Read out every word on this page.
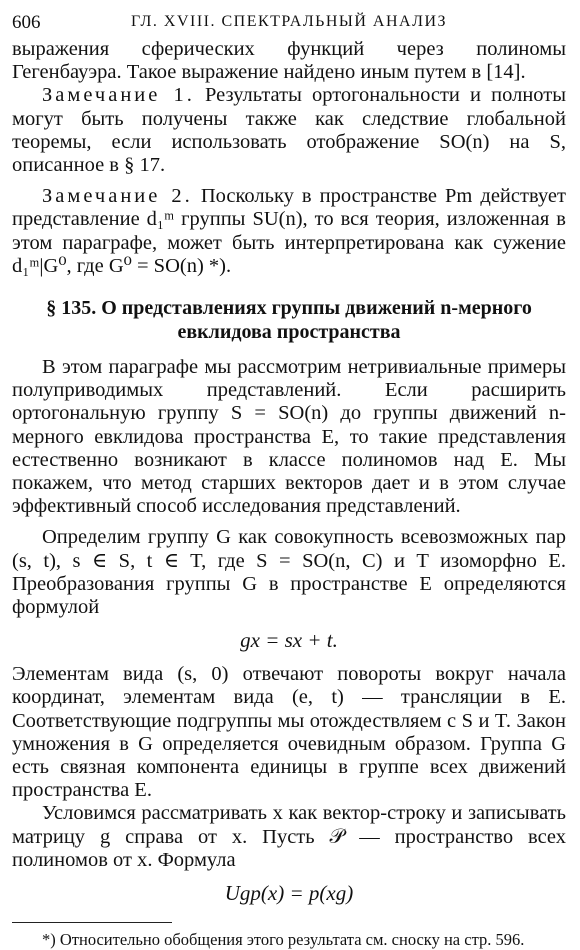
606	ГЛ. XVIII. СПЕКТРАЛЬНЫЙ АНАЛИЗ

выражения сферических функций через полиномы Гегенбауэра. Такое выражение найдено иным путем в [14].

Замечание 1. Результаты ортогональности и полноты могут быть получены также как следствие глобальной теоремы, если использовать отображение SO(n) на S, описанное в § 17.

Замечание 2. Поскольку в пространстве Pm действует представление d₁ᵐ группы SU(n), то вся теория, изложенная в этом параграфе, может быть интерпретирована как сужение d₁ᵐ|G⁰, где G⁰ = SO(n) *).

§ 135. О представлениях группы движений n-мерного
евклидова пространства

В этом параграфе мы рассмотрим нетривиальные примеры полуприводимых представлений. Если расширить ортогональную группу S = SO(n) до группы движений n-мерного евклидова пространства E, то такие представления естественно возникают в классе полиномов над E. Мы покажем, что метод старших векторов дает и в этом случае эффективный способ исследования представлений.

Определим группу G как совокупность всевозможных пар (s, t), s ∈ S, t ∈ T, где S = SO(n, C) и T изоморфно E. Преобразования группы G в пространстве E определяются формулой

gx = sx + t.

Элементам вида (s, 0) отвечают повороты вокруг начала координат, элементам вида (e, t) — трансляции в E. Соответствующие подгруппы мы отождествляем с S и T. Закон умножения в G определяется очевидным образом. Группа G есть связная компонента единицы в группе всех движений пространства E.

Условимся рассматривать x как вектор-строку и записывать матрицу g справа от x. Пусть 𝒫 — пространство всех полиномов от x. Формула

Ugp(x) = p(xg)

*) Относительно обобщения этого результата см. сноску на стр. 596.
